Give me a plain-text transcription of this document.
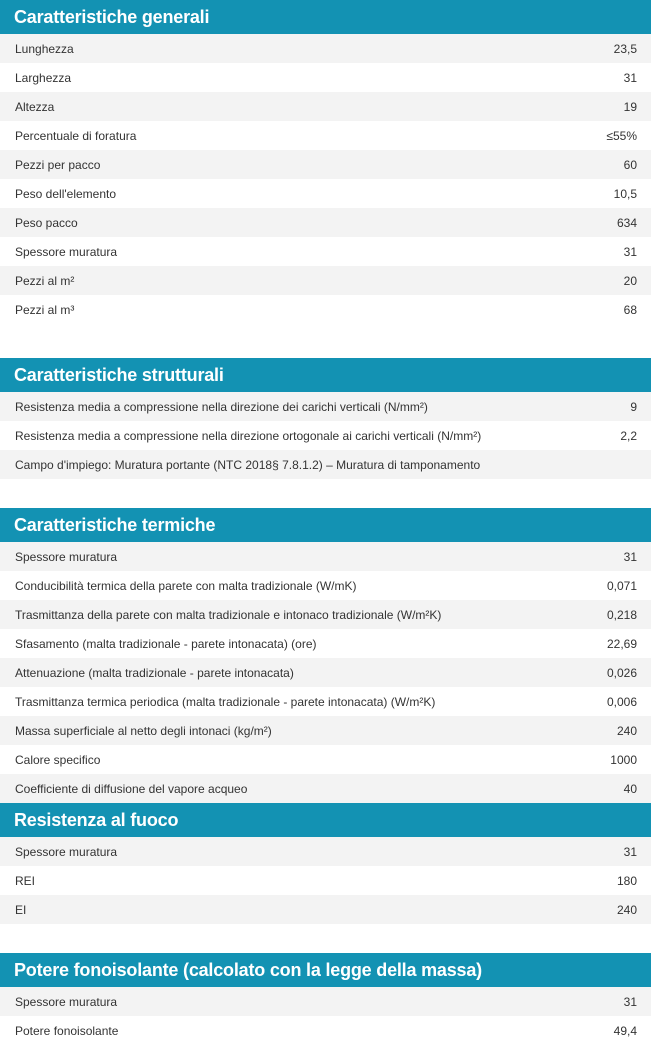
Caratteristiche generali
Lunghezza	23,5
Larghezza	31
Altezza	19
Percentuale di foratura	≤55%
Pezzi per pacco	60
Peso dell'elemento	10,5
Peso pacco	634
Spessore muratura	31
Pezzi al m²	20
Pezzi al m³	68
Caratteristiche strutturali
Resistenza media a compressione nella direzione dei carichi verticali (N/mm²)	9
Resistenza media a compressione nella direzione ortogonale ai carichi verticali (N/mm²)	2,2
Campo d'impiego: Muratura portante (NTC 2018§ 7.8.1.2) – Muratura di tamponamento
Caratteristiche termiche
Spessore muratura	31
Conducibilità termica della parete con malta tradizionale (W/mK)	0,071
Trasmittanza della parete con malta tradizionale e intonaco tradizionale (W/m²K)	0,218
Sfasamento (malta tradizionale - parete intonacata) (ore)	22,69
Attenuazione (malta tradizionale - parete intonacata)	0,026
Trasmittanza termica periodica (malta tradizionale - parete intonacata) (W/m²K)	0,006
Massa superficiale al netto degli intonaci (kg/m²)	240
Calore specifico	1000
Coefficiente di diffusione del vapore acqueo	40
Resistenza al fuoco
Spessore muratura	31
REI	180
EI	240
Potere fonoisolante (calcolato con la legge della massa)
Spessore muratura	31
Potere fonoisolante	49,4
